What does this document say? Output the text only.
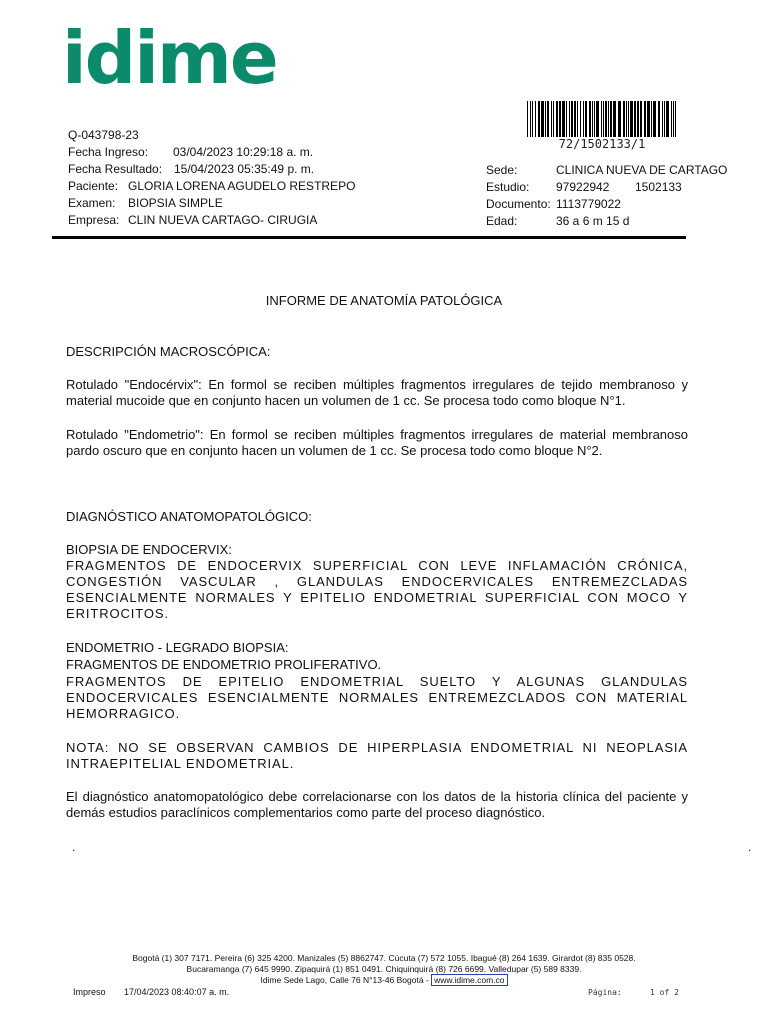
idime
72/1502133/1
Q-043798-23
Fecha Ingreso: 03/04/2023 10:29:18 a. m.
Fecha Resultado: 15/04/2023 05:35:49 p. m.
Paciente: GLORIA LORENA AGUDELO RESTREPO
Examen: BIOPSIA SIMPLE
Empresa: CLIN NUEVA CARTAGO- CIRUGIA
Sede:	CLINICA NUEVA DE CARTAGO
Estudio: 97922942 1502133
Documento: 1113779022
Edad:	36 a 6 m 15 d
INFORME DE ANATOMÍA PATOLÓGICA
DESCRIPCIÓN MACROSCÓPICA:
Rotulado "Endocérvix": En formol se reciben múltiples fragmentos irregulares de tejido membranoso y material mucoide que en conjunto hacen un volumen de 1 cc. Se procesa todo como bloque N°1.
Rotulado "Endometrio": En formol se reciben múltiples fragmentos irregulares de material membranoso pardo oscuro que en conjunto hacen un volumen de 1 cc. Se procesa todo como bloque N°2.
DIAGNÓSTICO ANATOMOPATOLÓGICO:
BIOPSIA DE ENDOCERVIX:
FRAGMENTOS DE ENDOCERVIX SUPERFICIAL CON LEVE INFLAMACIÓN CRÓNICA, CONGESTIÓN VASCULAR , GLANDULAS ENDOCERVICALES ENTREMEZCLADAS ESENCIALMENTE NORMALES Y EPITELIO ENDOMETRIAL SUPERFICIAL CON MOCO Y ERITROCITOS.
ENDOMETRIO - LEGRADO BIOPSIA:
FRAGMENTOS DE ENDOMETRIO PROLIFERATIVO.
FRAGMENTOS DE EPITELIO ENDOMETRIAL SUELTO Y ALGUNAS GLANDULAS ENDOCERVICALES ESENCIALMENTE NORMALES ENTREMEZCLADOS CON MATERIAL HEMORRAGICO.
NOTA: NO SE OBSERVAN CAMBIOS DE HIPERPLASIA ENDOMETRIAL NI NEOPLASIA INTRAEPITELIAL ENDOMETRIAL.
El diagnóstico anatomopatológico debe correlacionarse con los datos de la historia clínica del paciente y demás estudios paraclínicos complementarios como parte del proceso diagnóstico.
.	.
Bogotá (1) 307 7171. Pereira (6) 325 4200. Manizales (5) 8862747. Cúcuta (7) 572 1055. Ibagué (8) 264 1639. Girardot (8) 835 0528.
Bucaramanga (7) 645 9990. Zipaquirá (1) 851 0491. Chiquinquirá (8) 726 6699. Valledupar (5) 589 8339.
Idime Sede Lago, Calle 76 N°13-46 Bogotá - www.idime.com.co
Impreso 17/04/2023 08:40:07 a. m.	Página:	1 of 2
